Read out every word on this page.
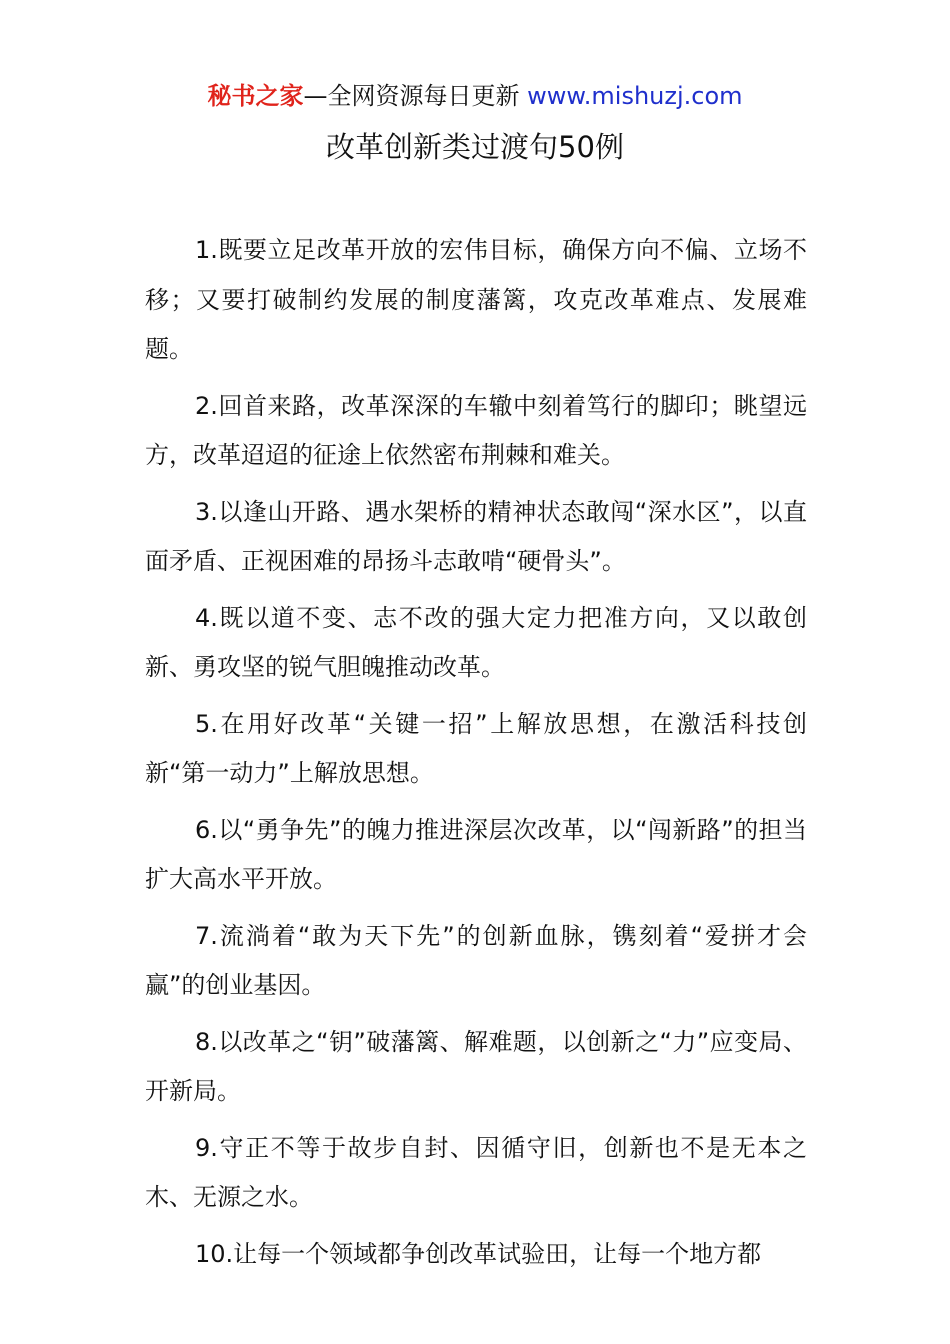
秘书之家—全网资源每日更新 www.mishuzj.com
改革创新类过渡句50例

1.既要立足改革开放的宏伟目标，确保方向不偏、立场不移；又要打破制约发展的制度藩篱，攻克改革难点、发展难题。

2.回首来路，改革深深的车辙中刻着笃行的脚印；眺望远方，改革迢迢的征途上依然密布荆棘和难关。

3.以逢山开路、遇水架桥的精神状态敢闯“深水区”，以直面矛盾、正视困难的昂扬斗志敢啃“硬骨头”。

4.既以道不变、志不改的强大定力把准方向，又以敢创新、勇攻坚的锐气胆魄推动改革。

5.在用好改革“关键一招”上解放思想，在激活科技创新“第一动力”上解放思想。

6.以“勇争先”的魄力推进深层次改革，以“闯新路”的担当扩大高水平开放。

7.流淌着“敢为天下先”的创新血脉，镌刻着“爱拼才会赢”的创业基因。

8.以改革之“钥”破藩篱、解难题，以创新之“力”应变局、开新局。

9.守正不等于故步自封、因循守旧，创新也不是无本之木、无源之水。

10.让每一个领域都争创改革试验田，让每一个地方都
